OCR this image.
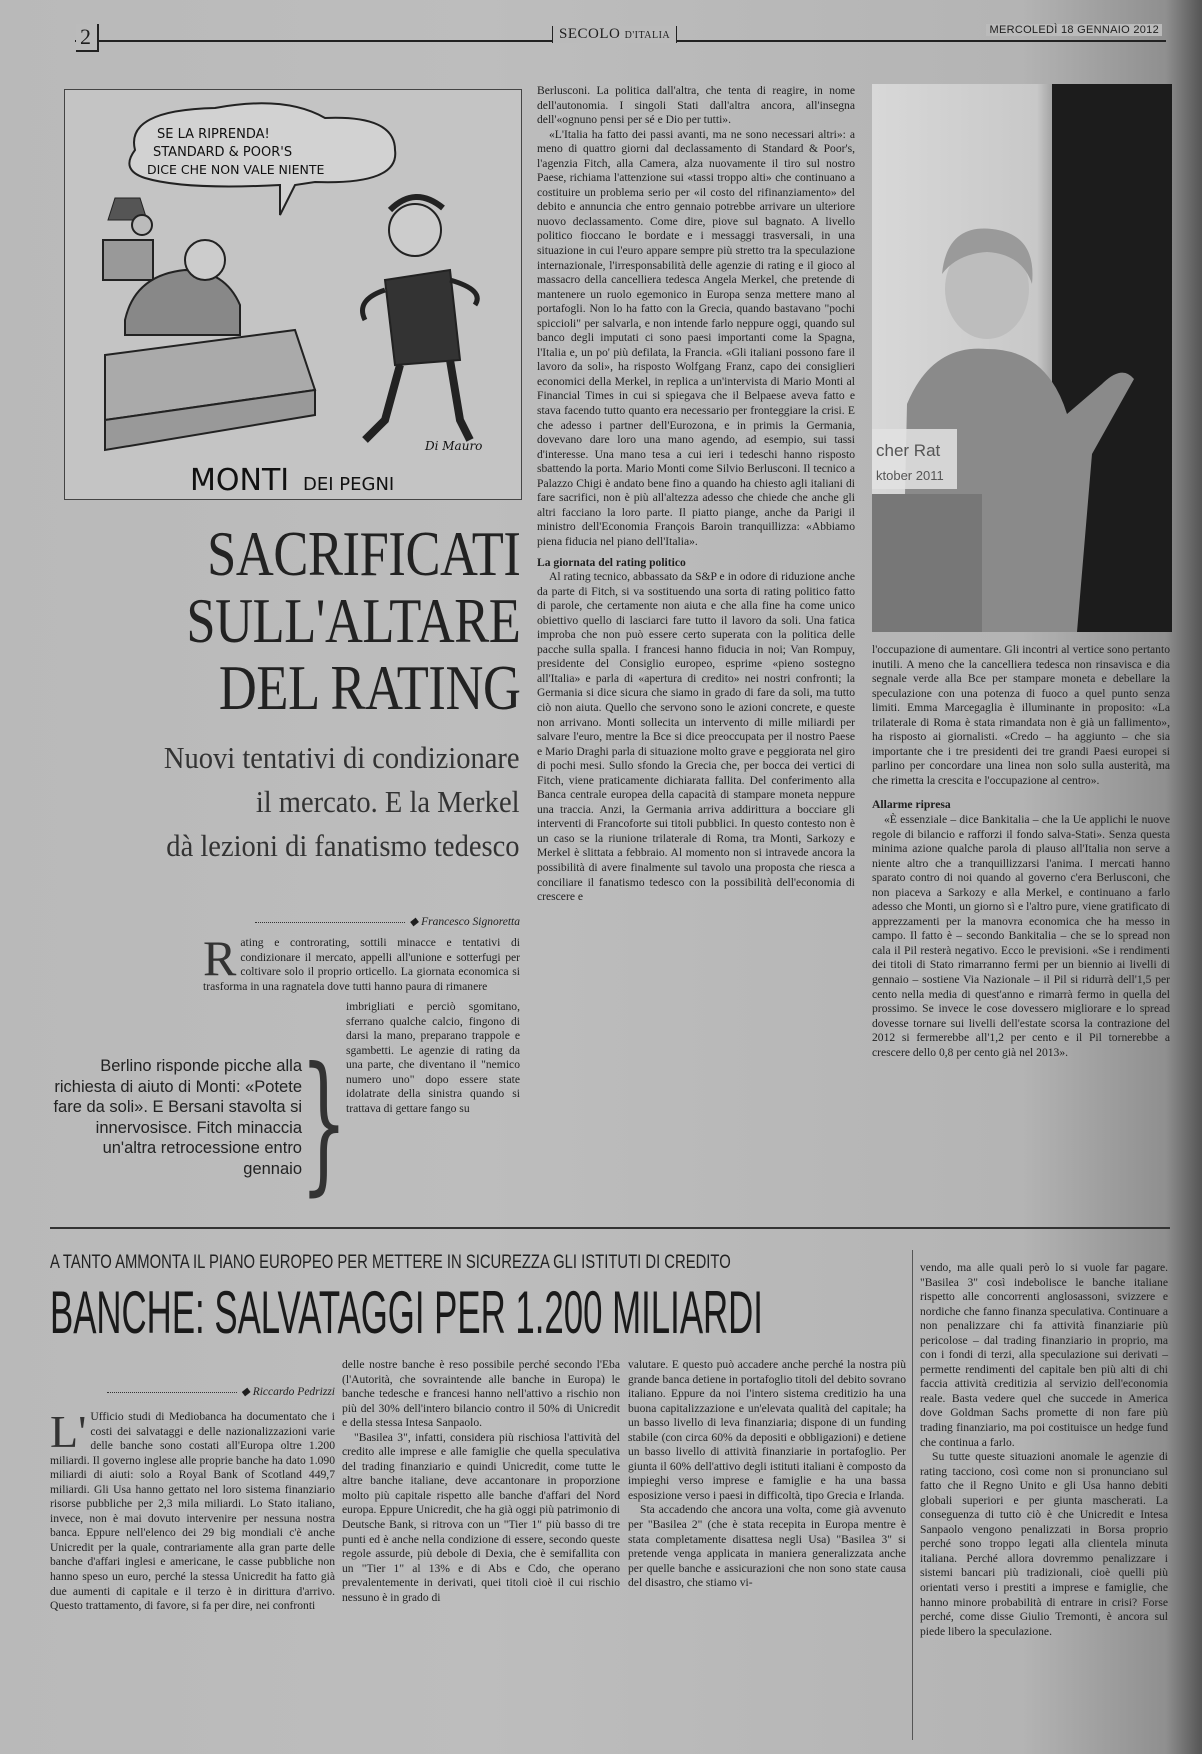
2	SECOLO D'ITALIA	MERCOLEDÌ 18 GENNAIO 2012
SE LA RIPRENDA!
STANDARD & POOR'S
DICE CHE NON VALE NIENTE
Di Mauro
MONTI DEI PEGNI
SACRIFICATI
SULL'ALTARE
DEL RATING
Nuovi tentativi di condizionare
il mercato. E la Merkel
dà lezioni di fanatismo tedesco
◆ Francesco Signoretta
Rating e controrating, sottili minacce e tentativi di condizionare il mercato, appelli all'unione e sotterfugi per coltivare solo il proprio orticello. La giornata economica si trasforma in una ragnatela dove tutti hanno paura di rimanere

imbrigliati e perciò sgomitano, sferrano qualche calcio, fingono di darsi la mano, preparano trappole e sgambetti. Le agenzie di rating da una parte, che diventano il "nemico numero uno" dopo essere state idolatrate della sinistra quando si trattava di gettare fango su

Berlino risponde picche alla richiesta di aiuto di Monti: «Potete fare da soli». E Bersani stavolta si innervosisce. Fitch minaccia un'altra retrocessione entro gennaio
}

Berlusconi. La politica dall'altra, che tenta di reagire, in nome dell'autonomia. I singoli Stati dall'altra ancora, all'insegna dell'«ognuno pensi per sé e Dio per tutti».

«L'Italia ha fatto dei passi avanti, ma ne sono necessari altri»: a meno di quattro giorni dal declassamento di Standard & Poor's, l'agenzia Fitch, alla Camera, alza nuovamente il tiro sul nostro Paese, richiama l'attenzione sui «tassi troppo alti» che continuano a costituire un problema serio per «il costo del rifinanziamento» del debito e annuncia che entro gennaio potrebbe arrivare un ulteriore nuovo declassamento. Come dire, piove sul bagnato. A livello politico fioccano le bordate e i messaggi trasversali, in una situazione in cui l'euro appare sempre più stretto tra la speculazione internazionale, l'irresponsabilità delle agenzie di rating e il gioco al massacro della cancelliera tedesca Angela Merkel, che pretende di mantenere un ruolo egemonico in Europa senza mettere mano al portafogli. Non lo ha fatto con la Grecia, quando bastavano "pochi spiccioli" per salvarla, e non intende farlo neppure oggi, quando sul banco degli imputati ci sono paesi importanti come la Spagna, l'Italia e, un po' più defilata, la Francia. «Gli italiani possono fare il lavoro da soli», ha risposto Wolfgang Franz, capo dei consiglieri economici della Merkel, in replica a un'intervista di Mario Monti al Financial Times in cui si spiegava che il Belpaese aveva fatto e stava facendo tutto quanto era necessario per fronteggiare la crisi. E che adesso i partner dell'Eurozona, e in primis la Germania, dovevano dare loro una mano agendo, ad esempio, sui tassi d'interesse. Una mano tesa a cui ieri i tedeschi hanno risposto sbattendo la porta. Mario Monti come Silvio Berlusconi. Il tecnico a Palazzo Chigi è andato bene fino a quando ha chiesto agli italiani di fare sacrifici, non è più all'altezza adesso che chiede che anche gli altri facciano la loro parte. Il piatto piange, anche da Parigi il ministro dell'Economia François Baroin tranquillizza: «Abbiamo piena fiducia nel piano dell'Italia».

La giornata del rating politico

Al rating tecnico, abbassato da S&P e in odore di riduzione anche da parte di Fitch, si va sostituendo una sorta di rating politico fatto di parole, che certamente non aiuta e che alla fine ha come unico obiettivo quello di lasciarci fare tutto il lavoro da soli. Una fatica improba che non può essere certo superata con la politica delle pacche sulla spalla. I francesi hanno fiducia in noi; Van Rompuy, presidente del Consiglio europeo, esprime «pieno sostegno all'Italia» e parla di «apertura di credito» nei nostri confronti; la Germania si dice sicura che siamo in grado di fare da soli, ma tutto ciò non aiuta. Quello che servono sono le azioni concrete, e queste non arrivano. Monti sollecita un intervento di mille miliardi per salvare l'euro, mentre la Bce si dice preoccupata per il nostro Paese e Mario Draghi parla di situazione molto grave e peggiorata nel giro di pochi mesi. Sullo sfondo la Grecia che, per bocca dei vertici di Fitch, viene praticamente dichiarata fallita. Del conferimento alla Banca centrale europea della capacità di stampare moneta neppure una traccia. Anzi, la Germania arriva addirittura a bocciare gli interventi di Francoforte sui titoli pubblici. In questo contesto non è un caso se la riunione trilaterale di Roma, tra Monti, Sarkozy e Merkel è slittata a febbraio. Al momento non si intravede ancora la possibilità di avere finalmente sul tavolo una proposta che riesca a conciliare il fanatismo tedesco con la possibilità dell'economia di crescere e

cher Rat
ktober 2011

l'occupazione di aumentare. Gli incontri al vertice sono pertanto inutili. A meno che la cancelliera tedesca non rinsavisca e dia segnale verde alla Bce per stampare moneta e debellare la speculazione con una potenza di fuoco a quel punto senza limiti. Emma Marcegaglia è illuminante in proposito: «La trilaterale di Roma è stata rimandata non è già un fallimento», ha risposto ai giornalisti. «Credo – ha aggiunto – che sia importante che i tre presidenti dei tre grandi Paesi europei si parlino per concordare una linea non solo sulla austerità, ma che rimetta la crescita e l'occupazione al centro».

Allarme ripresa

«È essenziale – dice Bankitalia – che la Ue applichi le nuove regole di bilancio e rafforzi il fondo salva-Stati». Senza questa minima azione qualche parola di plauso all'Italia non serve a niente altro che a tranquillizzarsi l'anima. I mercati hanno sparato contro di noi quando al governo c'era Berlusconi, che non piaceva a Sarkozy e alla Merkel, e continuano a farlo adesso che Monti, un giorno sì e l'altro pure, viene gratificato di apprezzamenti per la manovra economica che ha messo in campo. Il fatto è – secondo Bankitalia – che se lo spread non cala il Pil resterà negativo. Ecco le previsioni. «Se i rendimenti dei titoli di Stato rimarranno fermi per un biennio ai livelli di gennaio – sostiene Via Nazionale – il Pil si ridurrà dell'1,5 per cento nella media di quest'anno e rimarrà fermo in quella del prossimo. Se invece le cose dovessero migliorare e lo spread dovesse tornare sui livelli dell'estate scorsa la contrazione del 2012 si fermerebbe all'1,2 per cento e il Pil tornerebbe a crescere dello 0,8 per cento già nel 2013».

A TANTO AMMONTA IL PIANO EUROPEO PER METTERE IN SICUREZZA GLI ISTITUTI DI CREDITO
BANCHE: SALVATAGGI PER 1.200 MILIARDI
◆ Riccardo Pedrizzi
L' Ufficio studi di Mediobanca ha documentato che i costi dei salvataggi e delle nazionalizzazioni varie delle banche sono costati all'Europa oltre 1.200 miliardi. Il governo inglese alle proprie banche ha dato 1.090 miliardi di aiuti: solo a Royal Bank of Scotland 449,7 miliardi. Gli Usa hanno gettato nel loro sistema finanziario risorse pubbliche per 2,3 mila miliardi. Lo Stato italiano, invece, non è mai dovuto intervenire per nessuna nostra banca. Eppure nell'elenco dei 29 big mondiali c'è anche Unicredit per la quale, contrariamente alla gran parte delle banche d'affari inglesi e americane, le casse pubbliche non hanno speso un euro, perché la stessa Unicredit ha fatto già due aumenti di capitale e il terzo è in dirittura d'arrivo. Questo trattamento, di favore, si fa per dire, nei confronti

delle nostre banche è reso possibile perché secondo l'Eba (l'Autorità, che sovraintende alle banche in Europa) le banche tedesche e francesi hanno nell'attivo a rischio non più del 30% dell'intero bilancio contro il 50% di Unicredit e della stessa Intesa Sanpaolo.

"Basilea 3", infatti, considera più rischiosa l'attività del credito alle imprese e alle famiglie che quella speculativa del trading finanziario e quindi Unicredit, come tutte le altre banche italiane, deve accantonare in proporzione molto più capitale rispetto alle banche d'affari del Nord europa. Eppure Unicredit, che ha già oggi più patrimonio di Deutsche Bank, si ritrova con un "Tier 1" più basso di tre punti ed è anche nella condizione di essere, secondo queste regole assurde, più debole di Dexia, che è semifallita con un "Tier 1" al 13% e di Abs e Cdo, che operano prevalentemente in derivati, quei titoli cioè il cui rischio nessuno è in grado di

valutare. E questo può accadere anche perché la nostra più grande banca detiene in portafoglio titoli del debito sovrano italiano. Eppure da noi l'intero sistema creditizio ha una buona capitalizzazione e un'elevata qualità del capitale; ha un basso livello di leva finanziaria; dispone di un funding stabile (con circa 60% da depositi e obbligazioni) e detiene un basso livello di attività finanziarie in portafoglio. Per giunta il 60% dell'attivo degli istituti italiani è composto da impieghi verso imprese e famiglie e ha una bassa esposizione verso i paesi in difficoltà, tipo Grecia e Irlanda.

Sta accadendo che ancora una volta, come già avvenuto per "Basilea 2" (che è stata recepita in Europa mentre è stata completamente disattesa negli Usa) "Basilea 3" si pretende venga applicata in maniera generalizzata anche per quelle banche e assicurazioni che non sono state causa del disastro, che stiamo vi-

vendo, ma alle quali però lo si vuole far pagare. "Basilea 3" così indebolisce le banche italiane rispetto alle concorrenti anglosassoni, svizzere e nordiche che fanno finanza speculativa. Continuare a non penalizzare chi fa attività finanziarie più pericolose – dal trading finanziario in proprio, ma con i fondi di terzi, alla speculazione sui derivati – permette rendimenti del capitale ben più alti di chi faccia attività creditizia al servizio dell'economia reale. Basta vedere quel che succede in America dove Goldman Sachs promette di non fare più trading finanziario, ma poi costituisce un hedge fund che continua a farlo.

Su tutte queste situazioni anomale le agenzie di rating tacciono, così come non si pronunciano sul fatto che il Regno Unito e gli Usa hanno debiti globali superiori e per giunta mascherati. La conseguenza di tutto ciò è che Unicredit e Intesa Sanpaolo vengono penalizzati in Borsa proprio perché sono troppo legati alla clientela minuta italiana. Perché allora dovremmo penalizzare i sistemi bancari più tradizionali, cioè quelli più orientati verso i prestiti a imprese e famiglie, che hanno minore probabilità di entrare in crisi? Forse perché, come disse Giulio Tremonti, è ancora sul piede libero la speculazione.
